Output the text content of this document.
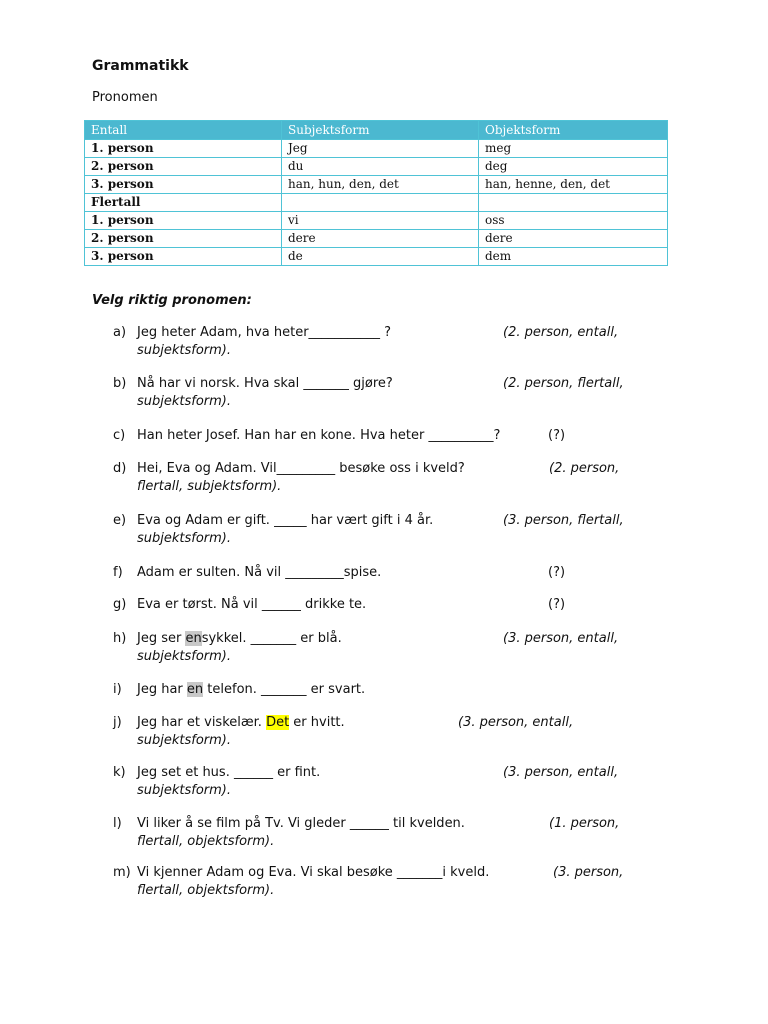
Grammatikk
Pronomen
Entall	Subjektsform	Objektsform
1. person	Jeg	meg
2. person	du	deg
3. person	han, hun, den, det	han, henne, den, det
Flertall		
1. person	vi	oss
2. person	dere	dere
3. person	de	dem
Velg riktig pronomen:
a) Jeg heter Adam, hva heter___________ ?	(2. person, entall,
subjektsform).
b) Nå har vi norsk. Hva skal _______ gjøre?	(2. person, flertall,
subjektsform).
c) Han heter Josef. Han har en kone. Hva heter __________?	(?)
d) Hei, Eva og Adam. Vil_________ besøke oss i kveld?	(2. person,
flertall, subjektsform).
e) Eva og Adam er gift. _____ har vært gift i 4 år.	(3. person, flertall,
subjektsform).
f) Adam er sulten. Nå vil _________spise.	(?)
g) Eva er tørst. Nå vil ______ drikke te.	(?)
h) Jeg ser ensykkel. _______ er blå.	(3. person, entall,
subjektsform).
i) Jeg har en telefon. _______ er svart.
j) Jeg har et viskelær. Det er hvitt.	(3. person, entall,
subjektsform).
k) Jeg set et hus. ______ er fint.	(3. person, entall,
subjektsform).
l) Vi liker å se film på Tv. Vi gleder ______ til kvelden.	(1. person,
flertall, objektsform).
m) Vi kjenner Adam og Eva. Vi skal besøke _______i kveld.	(3. person,
flertall, objektsform).
